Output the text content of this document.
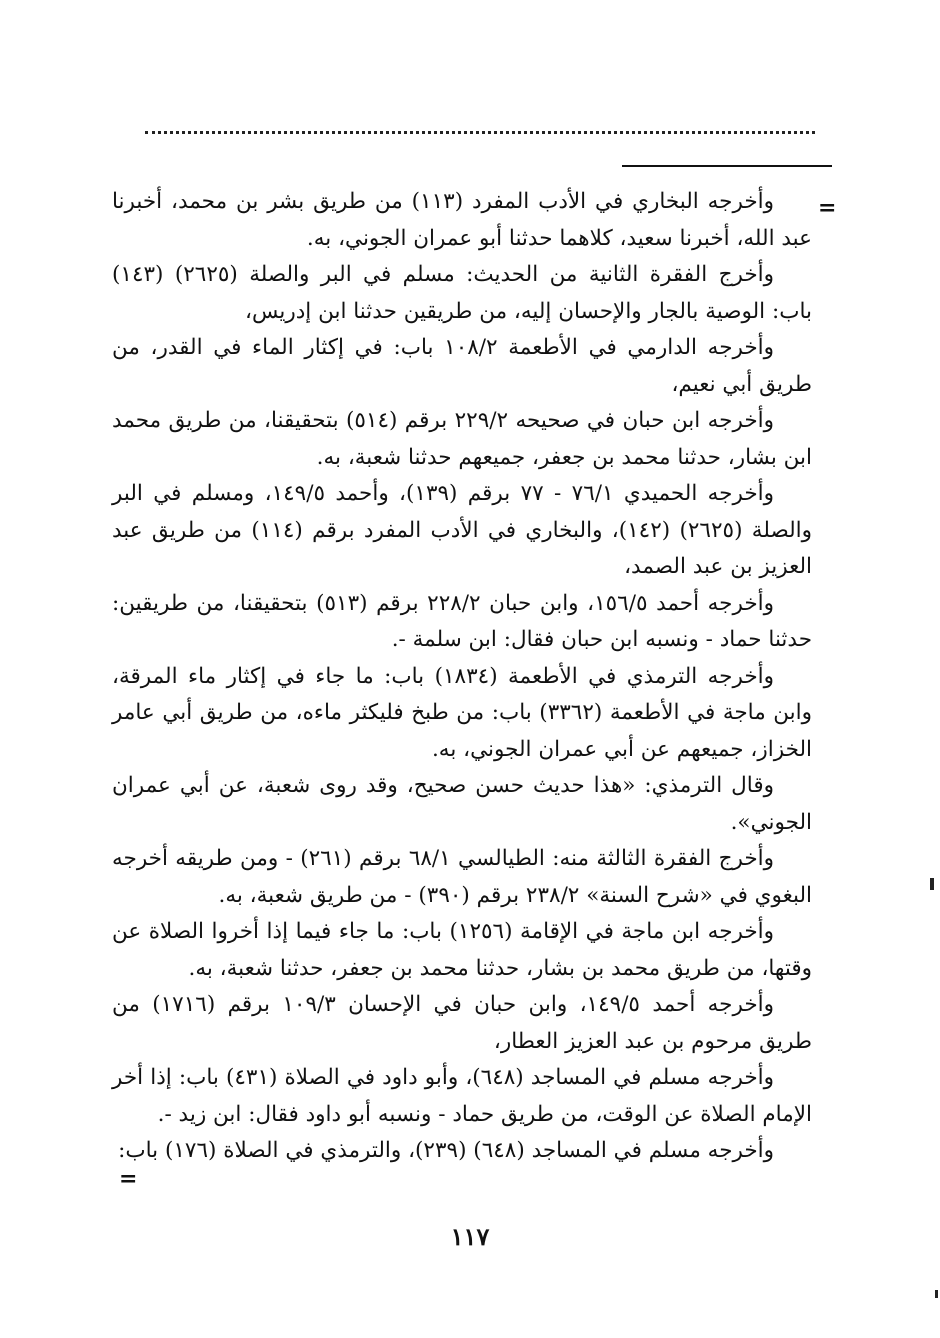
=

وأخرجه البخاري في الأدب المفرد (١١٣) من طريق بشر بن محمد، أخبرنا عبد الله، أخبرنا سعيد، كلاهما حدثنا أبو عمران الجوني، به.

وأخرج الفقرة الثانية من الحديث: مسلم في البر والصلة (٢٦٢٥) (١٤٣) باب: الوصية بالجار والإحسان إليه، من طريقين حدثنا ابن إدريس،

وأخرجه الدارمي في الأطعمة ١٠٨/٢ باب: في إكثار الماء في القدر، من طريق أبي نعيم،

وأخرجه ابن حبان في صحيحه ٢٢٩/٢ برقم (٥١٤) بتحقيقنا، من طريق محمد ابن بشار، حدثنا محمد بن جعفر، جميعهم حدثنا شعبة، به.

وأخرجه الحميدي ٧٦/١ - ٧٧ برقم (١٣٩)، وأحمد ١٤٩/٥، ومسلم في البر والصلة (٢٦٢٥) (١٤٢)، والبخاري في الأدب المفرد برقم (١١٤) من طريق عبد العزيز بن عبد الصمد،

وأخرجه أحمد ١٥٦/٥، وابن حبان ٢٢٨/٢ برقم (٥١٣) بتحقيقنا، من طريقين: حدثنا حماد - ونسبه ابن حبان فقال: ابن سلمة -.

وأخرجه الترمذي في الأطعمة (١٨٣٤) باب: ما جاء في إكثار ماء المرقة، وابن ماجة في الأطعمة (٣٣٦٢) باب: من طبخ فليكثر ماءه، من طريق أبي عامر الخزاز، جميعهم عن أبي عمران الجوني، به.

وقال الترمذي: «هذا حديث حسن صحيح، وقد روى شعبة، عن أبي عمران الجوني».

وأخرج الفقرة الثالثة منه: الطيالسي ٦٨/١ برقم (٢٦١) - ومن طريقه أخرجه البغوي في «شرح السنة» ٢٣٨/٢ برقم (٣٩٠) - من طريق شعبة، به.

وأخرجه ابن ماجة في الإقامة (١٢٥٦) باب: ما جاء فيما إذا أخروا الصلاة عن وقتها، من طريق محمد بن بشار، حدثنا محمد بن جعفر، حدثنا شعبة، به.

وأخرجه أحمد ١٤٩/٥، وابن حبان في الإحسان ١٠٩/٣ برقم (١٧١٦) من طريق مرحوم بن عبد العزيز العطار،

وأخرجه مسلم في المساجد (٦٤٨)، وأبو داود في الصلاة (٤٣١) باب: إذا أخر الإمام الصلاة عن الوقت، من طريق حماد - ونسبه أبو داود فقال: ابن زيد -.

وأخرجه مسلم في المساجد (٦٤٨) (٢٣٩)، والترمذي في الصلاة (١٧٦) باب:

=
١١٧
